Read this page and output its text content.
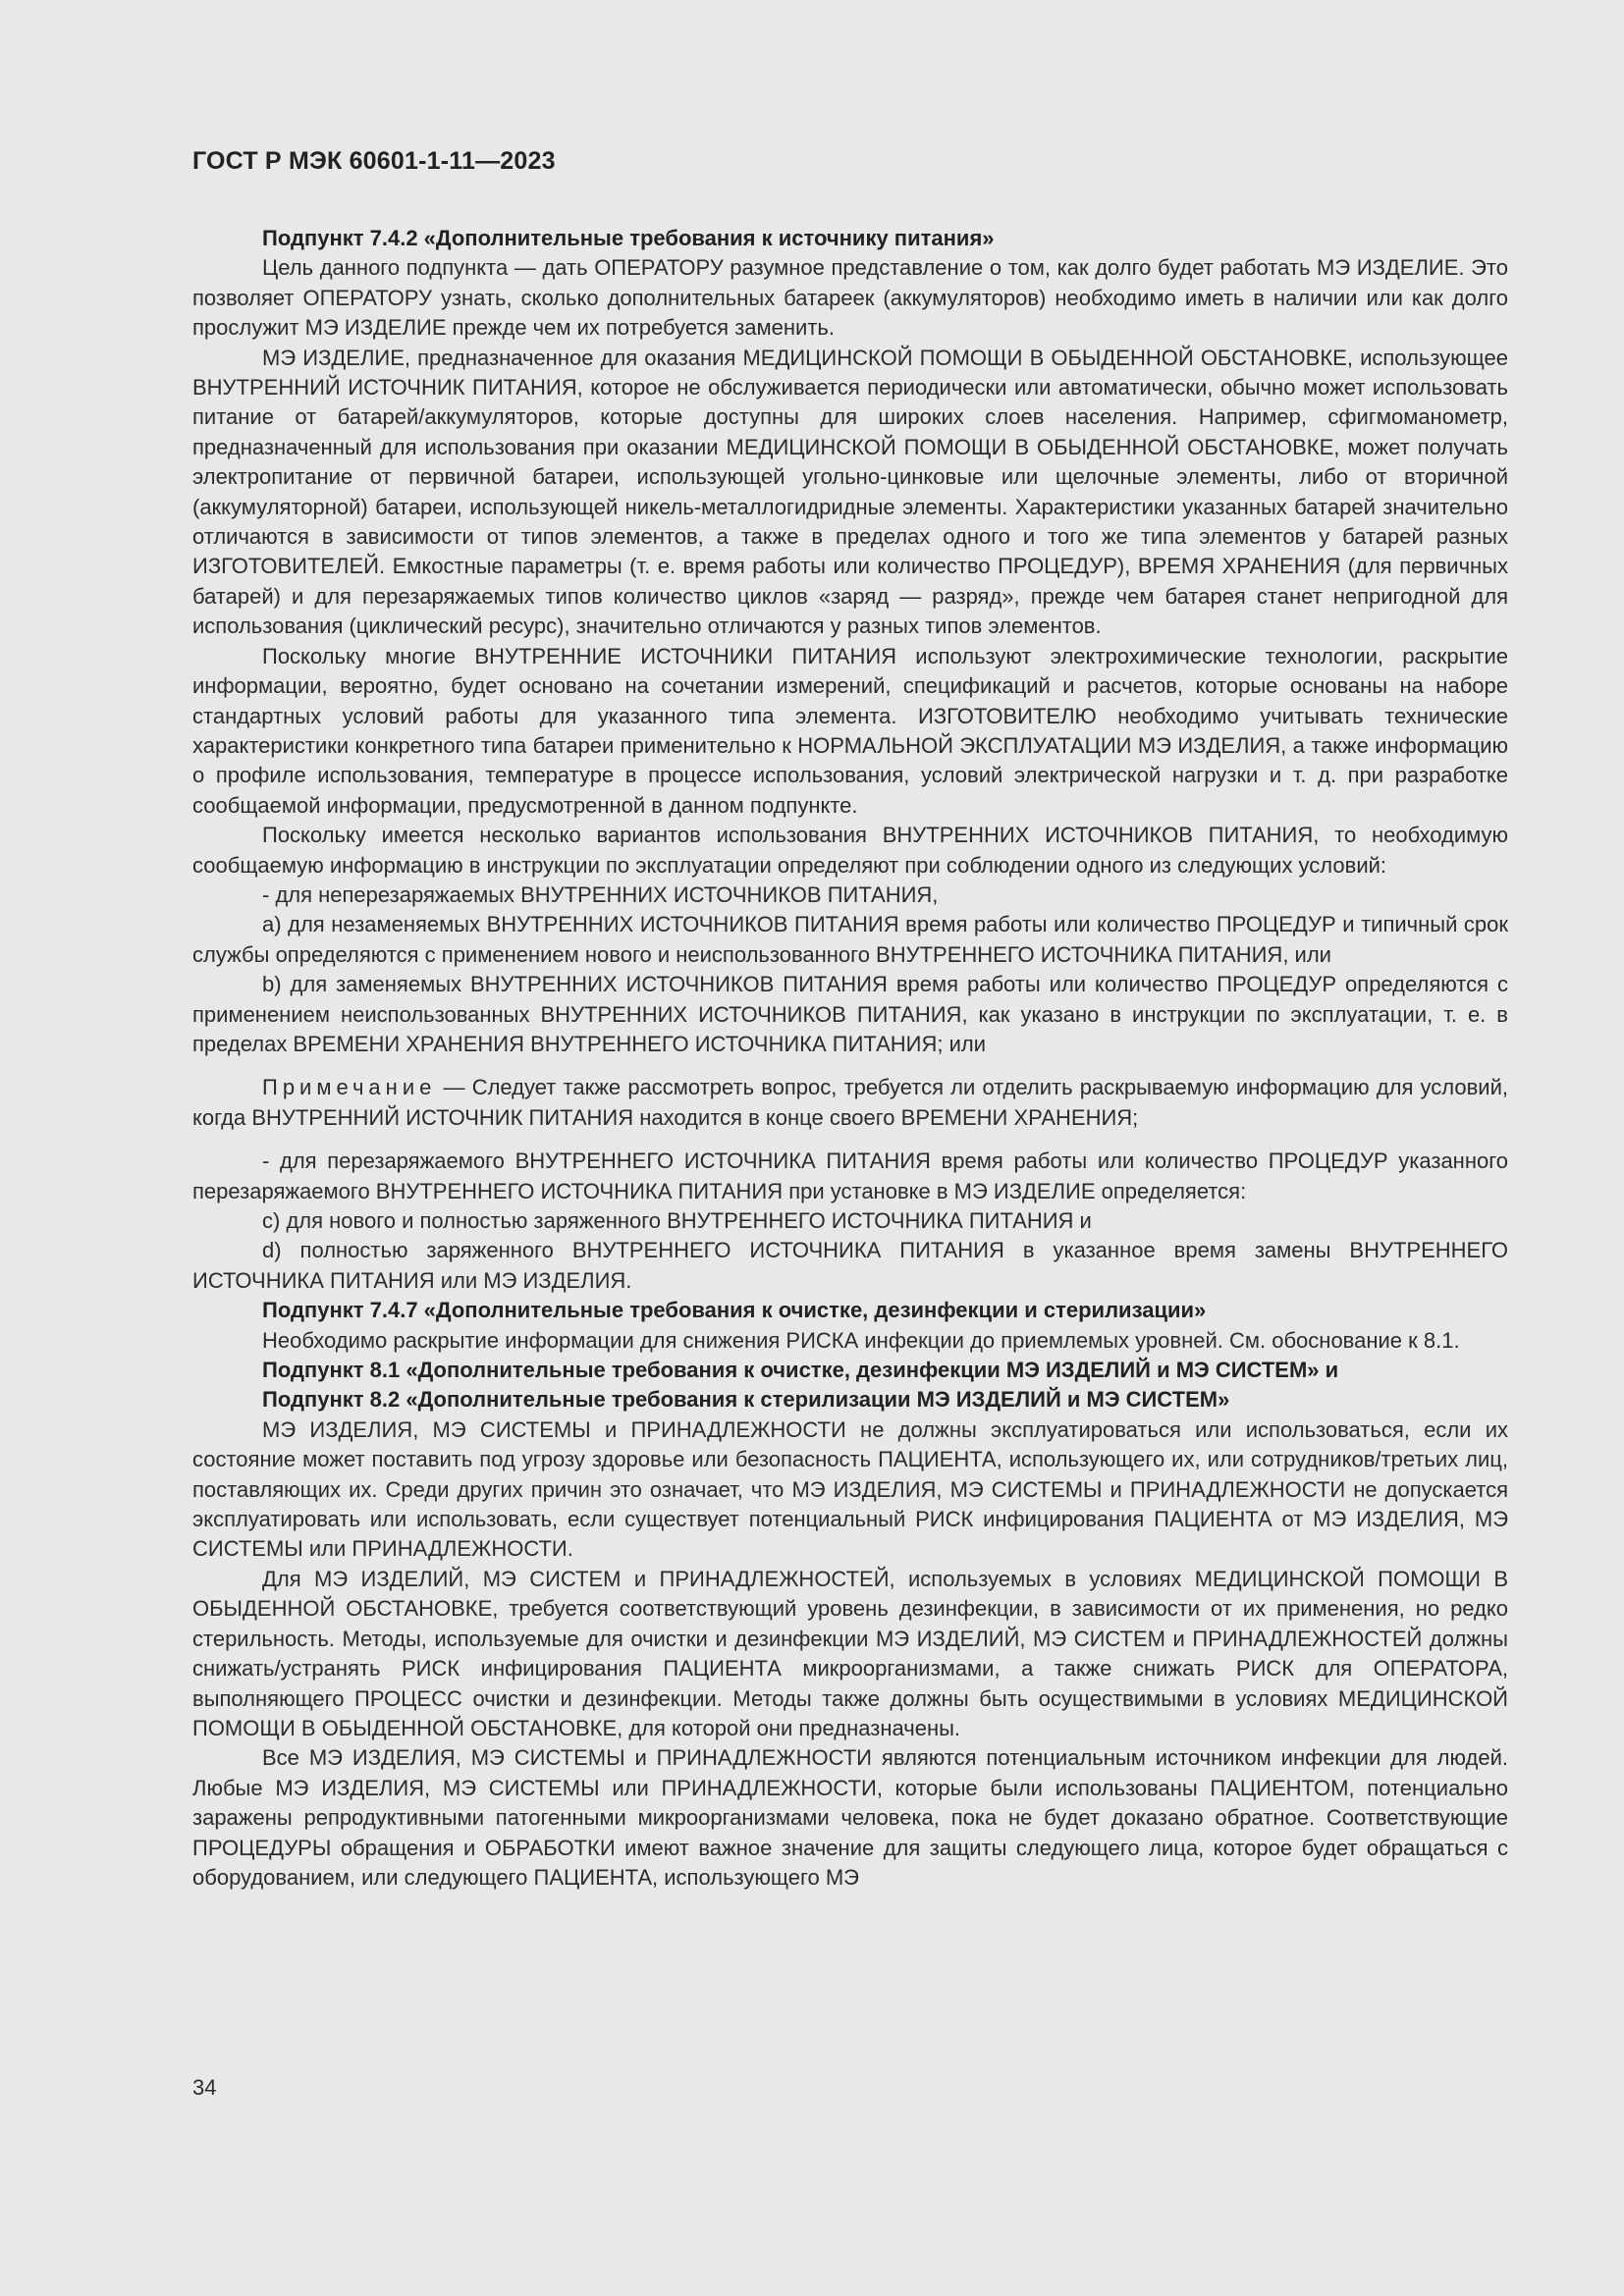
ГОСТ Р МЭК 60601-1-11—2023

Подпункт 7.4.2 «Дополнительные требования к источнику питания»

Цель данного подпункта — дать ОПЕРАТОРУ разумное представление о том, как долго будет работать МЭ ИЗДЕЛИЕ. Это позволяет ОПЕРАТОРУ узнать, сколько дополнительных батареек (аккумуляторов) необходимо иметь в наличии или как долго прослужит МЭ ИЗДЕЛИЕ прежде чем их потребуется заменить.

МЭ ИЗДЕЛИЕ, предназначенное для оказания МЕДИЦИНСКОЙ ПОМОЩИ В ОБЫДЕННОЙ ОБСТАНОВКЕ, использующее ВНУТРЕННИЙ ИСТОЧНИК ПИТАНИЯ, которое не обслуживается периодически или автоматически, обычно может использовать питание от батарей/аккумуляторов, которые доступны для широких слоев населения. Например, сфигмоманометр, предназначенный для использования при оказании МЕДИЦИНСКОЙ ПОМОЩИ В ОБЫДЕННОЙ ОБСТАНОВКЕ, может получать электропитание от первичной батареи, использующей угольно-цинковые или щелочные элементы, либо от вторичной (аккумуляторной) батареи, использующей никель-металлогидридные элементы. Характеристики указанных батарей значительно отличаются в зависимости от типов элементов, а также в пределах одного и того же типа элементов у батарей разных ИЗГОТОВИТЕЛЕЙ. Емкостные параметры (т. е. время работы или количество ПРОЦЕДУР), ВРЕМЯ ХРАНЕНИЯ (для первичных батарей) и для перезаряжаемых типов количество циклов «заряд — разряд», прежде чем батарея станет непригодной для использования (циклический ресурс), значительно отличаются у разных типов элементов.

Поскольку многие ВНУТРЕННИЕ ИСТОЧНИКИ ПИТАНИЯ используют электрохимические технологии, раскрытие информации, вероятно, будет основано на сочетании измерений, спецификаций и расчетов, которые основаны на наборе стандартных условий работы для указанного типа элемента. ИЗГОТОВИТЕЛЮ необходимо учитывать технические характеристики конкретного типа батареи применительно к НОРМАЛЬНОЙ ЭКСПЛУАТАЦИИ МЭ ИЗДЕЛИЯ, а также информацию о профиле использования, температуре в процессе использования, условий электрической нагрузки и т. д. при разработке сообщаемой информации, предусмотренной в данном подпункте.

Поскольку имеется несколько вариантов использования ВНУТРЕННИХ ИСТОЧНИКОВ ПИТАНИЯ, то необходимую сообщаемую информацию в инструкции по эксплуатации определяют при соблюдении одного из следующих условий:

- для неперезаряжаемых ВНУТРЕННИХ ИСТОЧНИКОВ ПИТАНИЯ,

a) для незаменяемых ВНУТРЕННИХ ИСТОЧНИКОВ ПИТАНИЯ время работы или количество ПРОЦЕДУР и типичный срок службы определяются с применением нового и неиспользованного ВНУТРЕННЕГО ИСТОЧНИКА ПИТАНИЯ, или

b) для заменяемых ВНУТРЕННИХ ИСТОЧНИКОВ ПИТАНИЯ время работы или количество ПРОЦЕДУР определяются с применением неиспользованных ВНУТРЕННИХ ИСТОЧНИКОВ ПИТАНИЯ, как указано в инструкции по эксплуатации, т. е. в пределах ВРЕМЕНИ ХРАНЕНИЯ ВНУТРЕННЕГО ИСТОЧНИКА ПИТАНИЯ; или

Примечание — Следует также рассмотреть вопрос, требуется ли отделить раскрываемую информацию для условий, когда ВНУТРЕННИЙ ИСТОЧНИК ПИТАНИЯ находится в конце своего ВРЕМЕНИ ХРАНЕНИЯ;

- для перезаряжаемого ВНУТРЕННЕГО ИСТОЧНИКА ПИТАНИЯ время работы или количество ПРОЦЕДУР указанного перезаряжаемого ВНУТРЕННЕГО ИСТОЧНИКА ПИТАНИЯ при установке в МЭ ИЗДЕЛИЕ определяется:

c) для нового и полностью заряженного ВНУТРЕННЕГО ИСТОЧНИКА ПИТАНИЯ и

d) полностью заряженного ВНУТРЕННЕГО ИСТОЧНИКА ПИТАНИЯ в указанное время замены ВНУТРЕННЕГО ИСТОЧНИКА ПИТАНИЯ или МЭ ИЗДЕЛИЯ.

Подпункт 7.4.7 «Дополнительные требования к очистке, дезинфекции и стерилизации»

Необходимо раскрытие информации для снижения РИСКА инфекции до приемлемых уровней. См. обоснование к 8.1.

Подпункт 8.1 «Дополнительные требования к очистке, дезинфекции МЭ ИЗДЕЛИЙ и МЭ СИСТЕМ» и

Подпункт 8.2 «Дополнительные требования к стерилизации МЭ ИЗДЕЛИЙ и МЭ СИСТЕМ»

МЭ ИЗДЕЛИЯ, МЭ СИСТЕМЫ и ПРИНАДЛЕЖНОСТИ не должны эксплуатироваться или использоваться, если их состояние может поставить под угрозу здоровье или безопасность ПАЦИЕНТА, использующего их, или сотрудников/третьих лиц, поставляющих их. Среди других причин это означает, что МЭ ИЗДЕЛИЯ, МЭ СИСТЕМЫ и ПРИНАДЛЕЖНОСТИ не допускается эксплуатировать или использовать, если существует потенциальный РИСК инфицирования ПАЦИЕНТА от МЭ ИЗДЕЛИЯ, МЭ СИСТЕМЫ или ПРИНАДЛЕЖНОСТИ.

Для МЭ ИЗДЕЛИЙ, МЭ СИСТЕМ и ПРИНАДЛЕЖНОСТЕЙ, используемых в условиях МЕДИЦИНСКОЙ ПОМОЩИ В ОБЫДЕННОЙ ОБСТАНОВКЕ, требуется соответствующий уровень дезинфекции, в зависимости от их применения, но редко стерильность. Методы, используемые для очистки и дезинфекции МЭ ИЗДЕЛИЙ, МЭ СИСТЕМ и ПРИНАДЛЕЖНОСТЕЙ должны снижать/устранять РИСК инфицирования ПАЦИЕНТА микроорганизмами, а также снижать РИСК для ОПЕРАТОРА, выполняющего ПРОЦЕСС очистки и дезинфекции. Методы также должны быть осуществимыми в условиях МЕДИЦИНСКОЙ ПОМОЩИ В ОБЫДЕННОЙ ОБСТАНОВКЕ, для которой они предназначены.

Все МЭ ИЗДЕЛИЯ, МЭ СИСТЕМЫ и ПРИНАДЛЕЖНОСТИ являются потенциальным источником инфекции для людей. Любые МЭ ИЗДЕЛИЯ, МЭ СИСТЕМЫ или ПРИНАДЛЕЖНОСТИ, которые были использованы ПАЦИЕНТОМ, потенциально заражены репродуктивными патогенными микроорганизмами человека, пока не будет доказано обратное. Соответствующие ПРОЦЕДУРЫ обращения и ОБРАБОТКИ имеют важное значение для защиты следующего лица, которое будет обращаться с оборудованием, или следующего ПАЦИЕНТА, использующего МЭ

34
